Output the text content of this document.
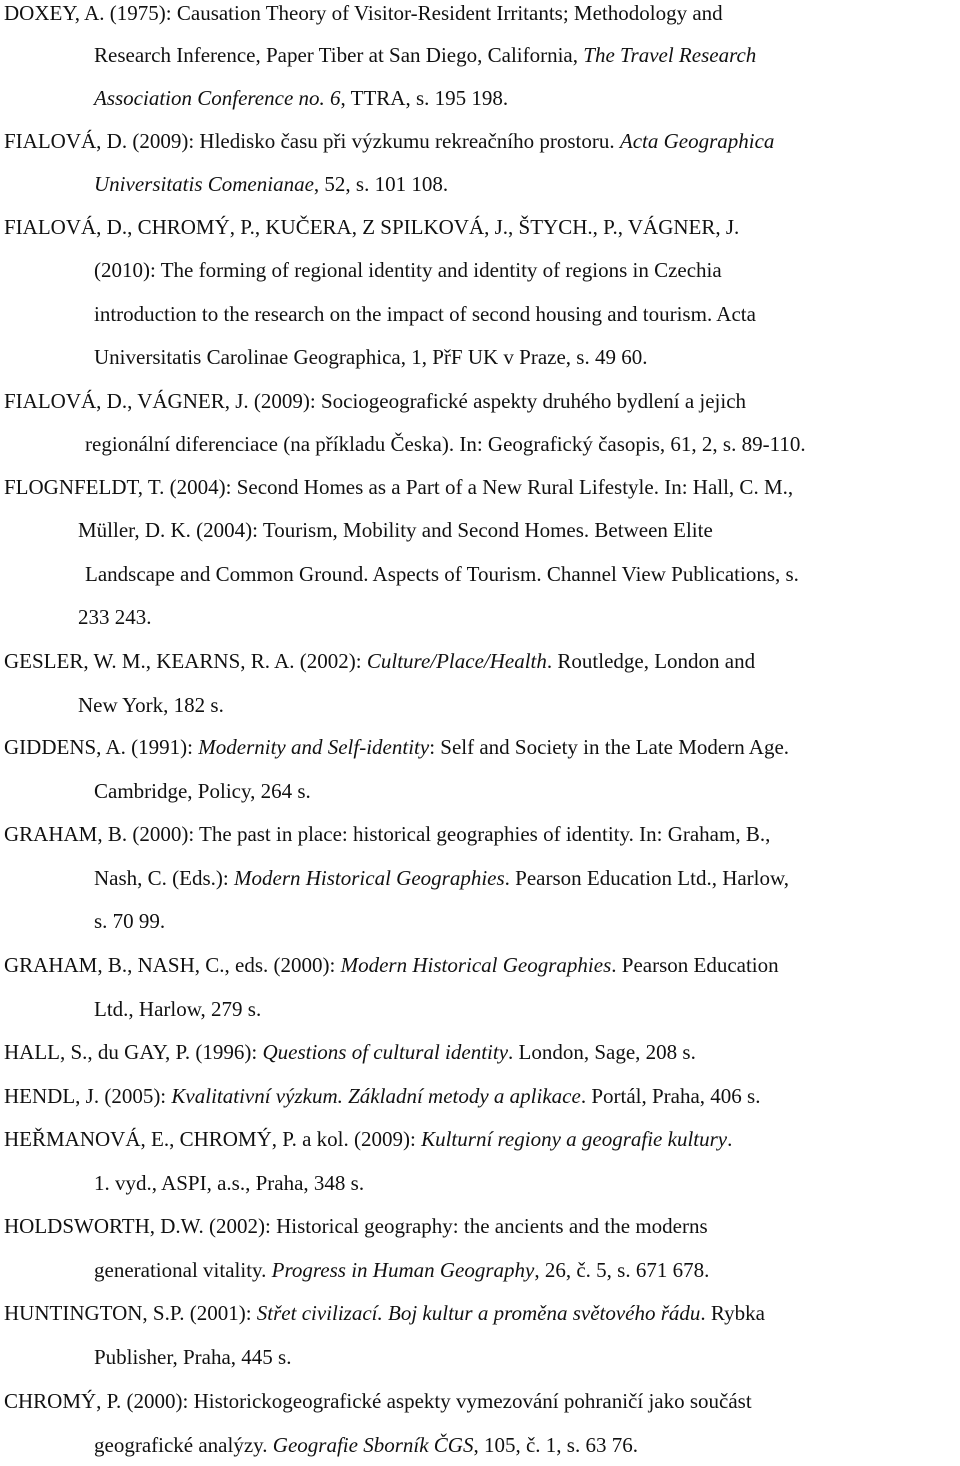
DOXEY, A. (1975): Causation Theory of Visitor-Resident Irritants; Methodology and
Research Inference, Paper Tiber at San Diego, California, The Travel Research
Association Conference no. 6, TTRA, s. 195 198.
FIALOVÁ, D. (2009): Hledisko času při výzkumu rekreačního prostoru. Acta Geographica
Universitatis Comenianae, 52, s. 101 108.
FIALOVÁ, D., CHROMÝ, P., KUČERA, Z SPILKOVÁ, J., ŠTYCH., P., VÁGNER, J.
(2010): The forming of regional identity and identity of regions in Czechia
introduction to the research on the impact of second housing and tourism. Acta
Universitatis Carolinae Geographica, 1, PřF UK v Praze, s. 49 60.
FIALOVÁ, D., VÁGNER, J. (2009): Sociogeografické aspekty druhého bydlení a jejich
regionální diferenciace (na příkladu Česka). In: Geografický časopis, 61, 2, s. 89-110.
FLOGNFELDT, T. (2004): Second Homes as a Part of a New Rural Lifestyle. In: Hall, C. M.,
Müller, D. K. (2004): Tourism, Mobility and Second Homes. Between Elite
Landscape and Common Ground. Aspects of Tourism. Channel View Publications, s.
233 243.
GESLER, W. M., KEARNS, R. A. (2002): Culture/Place/Health. Routledge, London and
New York, 182 s.
GIDDENS, A. (1991): Modernity and Self-identity: Self and Society in the Late Modern Age.
Cambridge, Policy, 264 s.
GRAHAM, B. (2000): The past in place: historical geographies of identity. In: Graham, B.,
Nash, C. (Eds.): Modern Historical Geographies. Pearson Education Ltd., Harlow,
s. 70 99.
GRAHAM, B., NASH, C., eds. (2000): Modern Historical Geographies. Pearson Education
Ltd., Harlow, 279 s.
HALL, S., du GAY, P. (1996): Questions of cultural identity. London, Sage, 208 s.
HENDL, J. (2005): Kvalitativní výzkum. Základní metody a aplikace. Portál, Praha, 406 s.
HEŘMANOVÁ, E., CHROMÝ, P. a kol. (2009): Kulturní regiony a geografie kultury.
1. vyd., ASPI, a.s., Praha, 348 s.
HOLDSWORTH, D.W. (2002): Historical geography: the ancients and the moderns
generational vitality. Progress in Human Geography, 26, č. 5, s. 671 678.
HUNTINGTON, S.P. (2001): Střet civilizací. Boj kultur a proměna světového řádu. Rybka
Publisher, Praha, 445 s.
CHROMÝ, P. (2000): Historickogeografické aspekty vymezování pohraničí jako součást
geografické analýzy. Geografie Sborník ČGS, 105, č. 1, s. 63 76.
